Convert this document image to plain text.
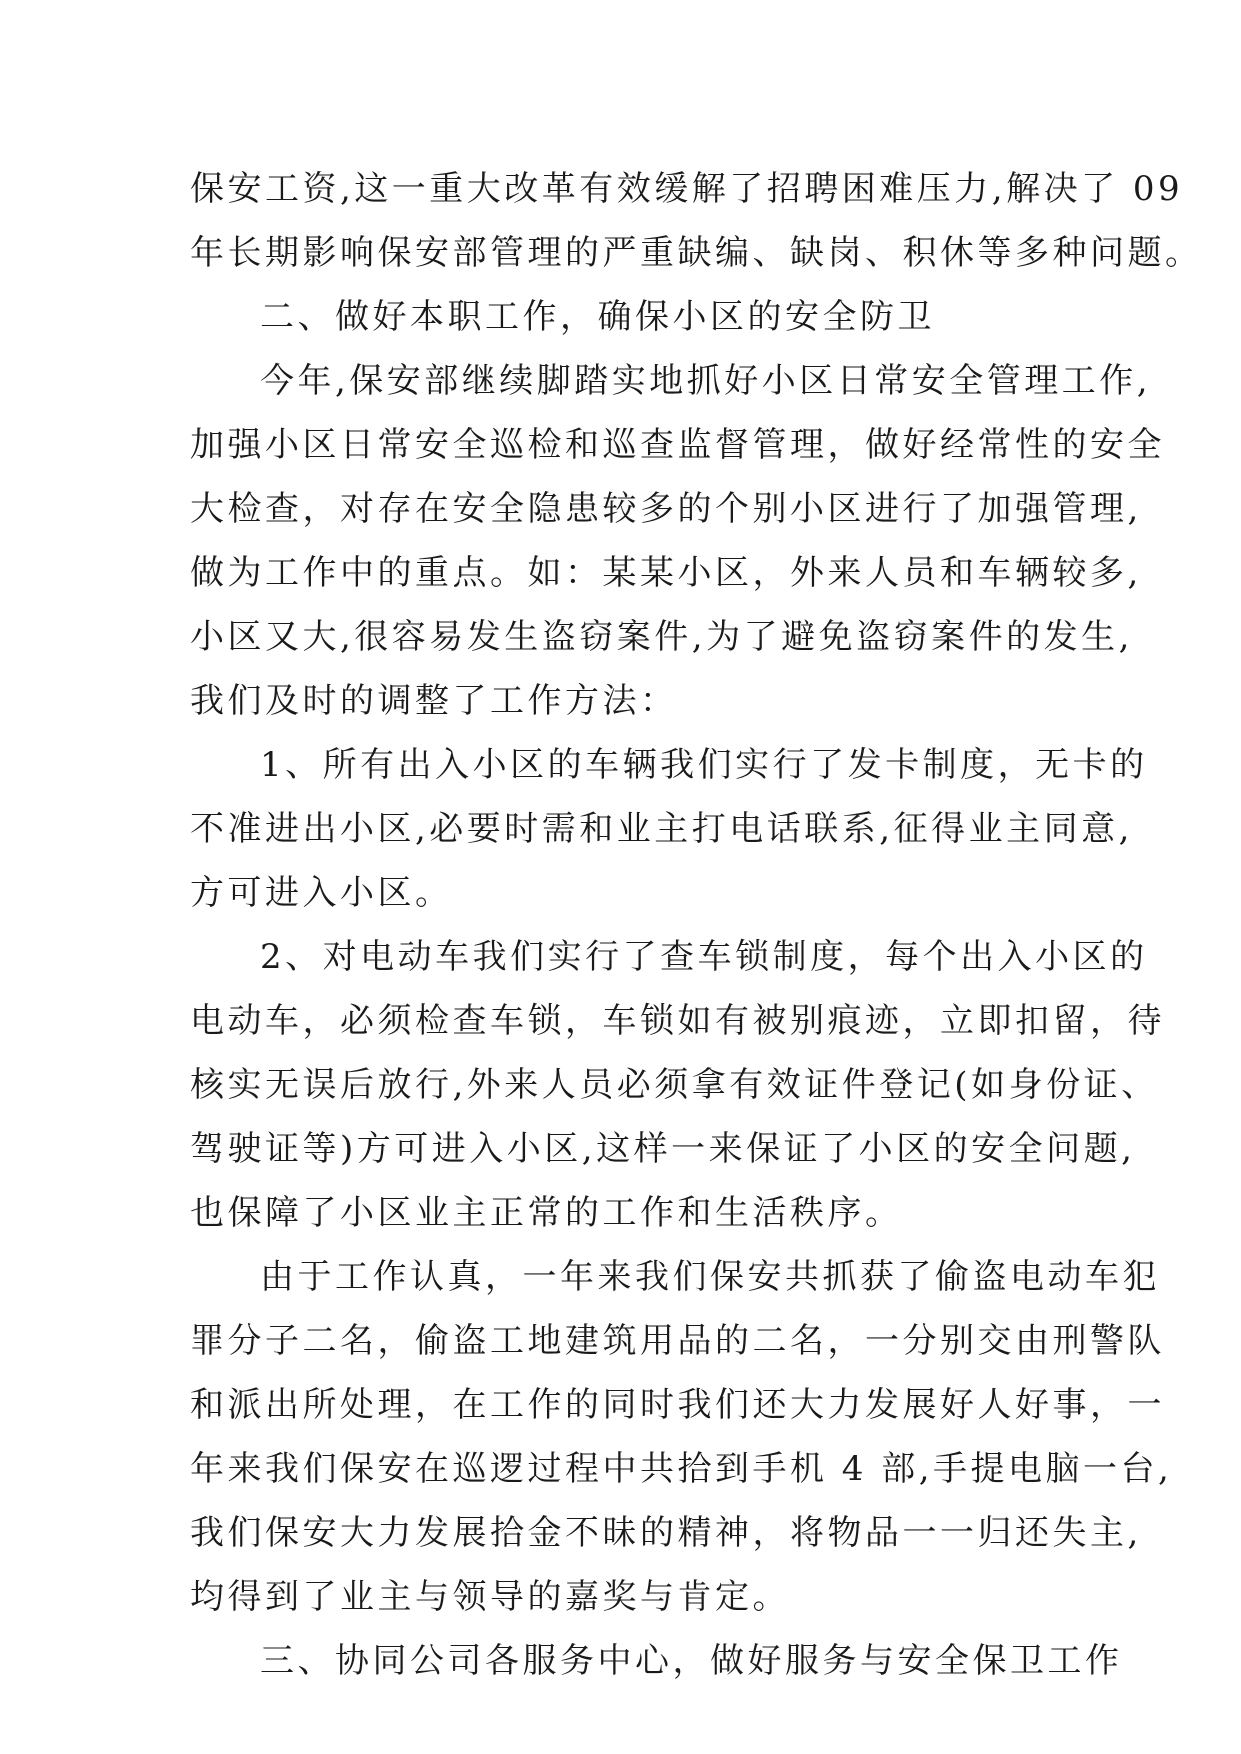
保安工资,这一重大改革有效缓解了招聘困难压力,解决了 09
年长期影响保安部管理的严重缺编、缺岗、积休等多种问题。
二、做好本职工作，确保小区的安全防卫
今年,保安部继续脚踏实地抓好小区日常安全管理工作,
加强小区日常安全巡检和巡查监督管理，做好经常性的安全
大检查，对存在安全隐患较多的个别小区进行了加强管理,
做为工作中的重点。如：某某小区，外来人员和车辆较多,
小区又大,很容易发生盗窃案件,为了避免盗窃案件的发生,
我们及时的调整了工作方法：
1、所有出入小区的车辆我们实行了发卡制度，无卡的
不准进出小区,必要时需和业主打电话联系,征得业主同意,
方可进入小区。
2、对电动车我们实行了查车锁制度，每个出入小区的
电动车，必须检查车锁，车锁如有被别痕迹，立即扣留，待
核实无误后放行,外来人员必须拿有效证件登记(如身份证、
驾驶证等)方可进入小区,这样一来保证了小区的安全问题,
也保障了小区业主正常的工作和生活秩序。
由于工作认真，一年来我们保安共抓获了偷盗电动车犯
罪分子二名，偷盗工地建筑用品的二名，一分别交由刑警队
和派出所处理，在工作的同时我们还大力发展好人好事，一
年来我们保安在巡逻过程中共拾到手机 4 部,手提电脑一台,
我们保安大力发展拾金不昧的精神，将物品一一归还失主,
均得到了业主与领导的嘉奖与肯定。
三、协同公司各服务中心，做好服务与安全保卫工作
